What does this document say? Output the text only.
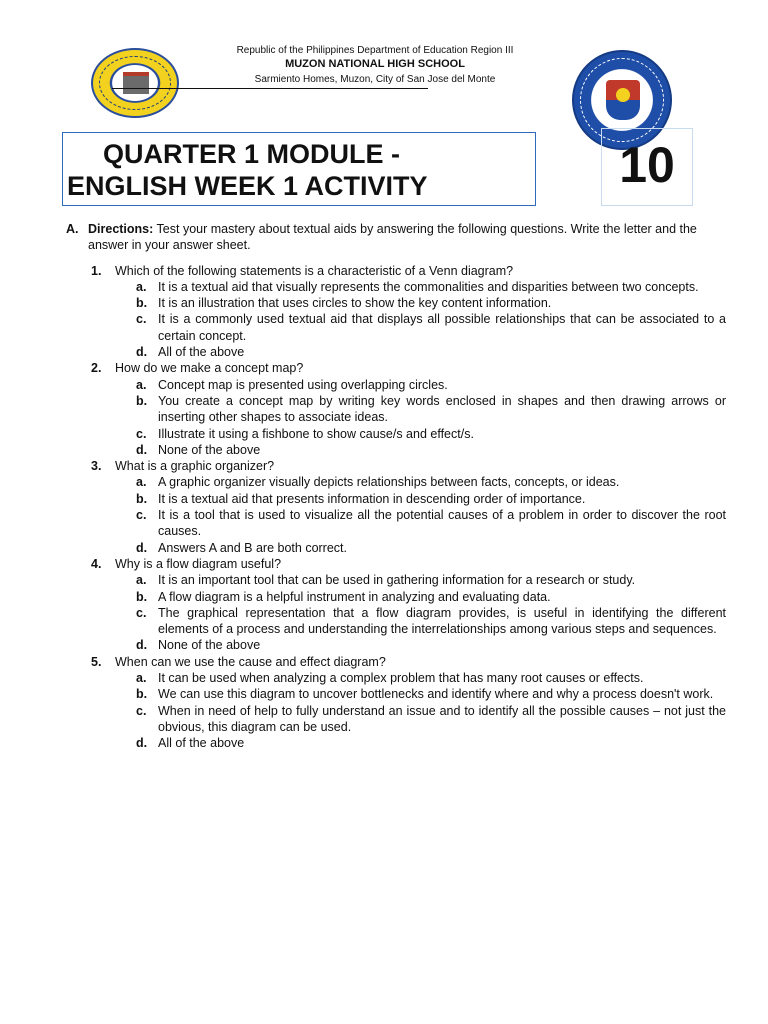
Republic of the Philippines Department of Education Region III
MUZON NATIONAL HIGH SCHOOL
Sarmiento Homes, Muzon, City of San Jose del Monte
QUARTER 1 MODULE -
ENGLISH WEEK 1 ACTIVITY	10
A. Directions: Test your mastery about textual aids by answering the following questions. Write the letter and the answer in your answer sheet.
1.	Which of the following statements is a characteristic of a Venn diagram?
a. It is a textual aid that visually represents the commonalities and disparities between two concepts.
b. It is an illustration that uses circles to show the key content information.
c. It is a commonly used textual aid that displays all possible relationships that can be associated to a certain concept.
d. All of the above
2.	How do we make a concept map?
a. Concept map is presented using overlapping circles.
b. You create a concept map by writing key words enclosed in shapes and then drawing arrows or inserting other shapes to associate ideas.
c. Illustrate it using a fishbone to show cause/s and effect/s.
d. None of the above
3.	What is a graphic organizer?
a. A graphic organizer visually depicts relationships between facts, concepts, or ideas.
b. It is a textual aid that presents information in descending order of importance.
c. It is a tool that is used to visualize all the potential causes of a problem in order to discover the root causes.
d. Answers A and B are both correct.
4.	Why is a flow diagram useful?
a. It is an important tool that can be used in gathering information for a research or study.
b. A flow diagram is a helpful instrument in analyzing and evaluating data.
c. The graphical representation that a flow diagram provides, is useful in identifying the different elements of a process and understanding the interrelationships among various steps and sequences.
d. None of the above
5.	When can we use the cause and effect diagram?
a. It can be used when analyzing a complex problem that has many root causes or effects.
b. We can use this diagram to uncover bottlenecks and identify where and why a process doesn't work.
c. When in need of help to fully understand an issue and to identify all the possible causes – not just the obvious, this diagram can be used.
d. All of the above
